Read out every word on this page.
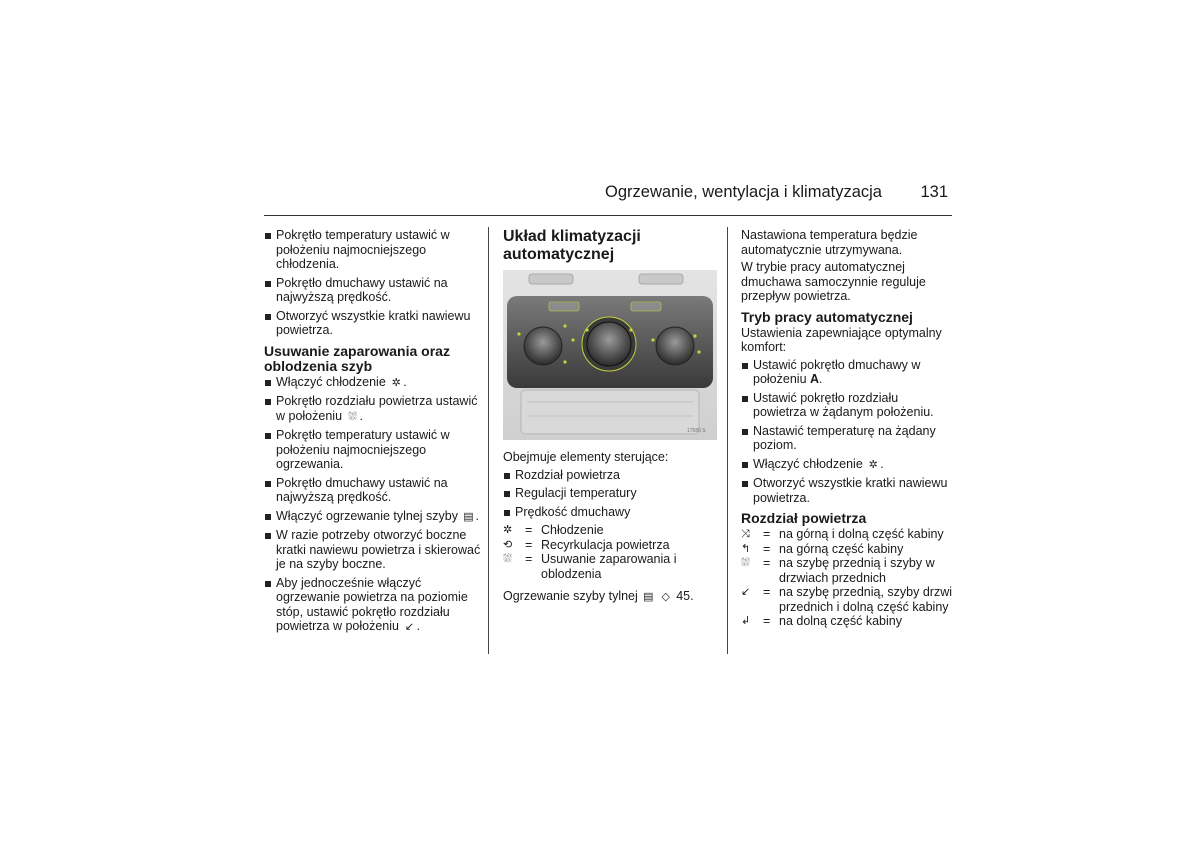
Ogrzewanie, wentylacja i klimatyzacja 131
Pokrętło temperatury ustawić w położeniu najmocniejszego chłodzenia.
Pokrętło dmuchawy ustawić na najwyższą prędkość.
Otworzyć wszystkie kratki nawiewu powietrza.
Usuwanie zaparowania oraz oblodzenia szyb
Włączyć chłodzenie ✲ .
Pokrętło rozdziału powietrza ustawić w położeniu ⛆ .
Pokrętło temperatury ustawić w położeniu najmocniejszego ogrzewania.
Pokrętło dmuchawy ustawić na najwyższą prędkość.
Włączyć ogrzewanie tylnej szyby ▤ .
W razie potrzeby otworzyć boczne kratki nawiewu powietrza i skierować je na szyby boczne.
Aby jednocześnie włączyć ogrzewanie powietrza na poziomie stóp, ustawić pokrętło rozdziału powietrza w położeniu ↙ .
Układ klimatyzacji automatycznej
17580 S

Obejmuje elementy sterujące:

Rozdział powietrza
Regulacji temperatury
Prędkość dmuchawy
✲	= Chłodzenie
⟲	= Recyrkulacja powietrza
⛆	= Usuwanie zaparowania i oblodzenia

Ogrzewanie szyby tylnej ▤ ◇ 45.

Nastawiona temperatura będzie automatycznie utrzymywana.

W trybie pracy automatycznej dmuchawa samoczynnie reguluje przepływ powietrza.

Tryb pracy automatycznej

Ustawienia zapewniające optymalny komfort:

Ustawić pokrętło dmuchawy w położeniu A.
Ustawić pokrętło rozdziału powietrza w żądanym położeniu.
Nastawić temperaturę na żądany poziom.
Włączyć chłodzenie ✲ .
Otworzyć wszystkie kratki nawiewu powietrza.
Rozdział powietrza
⤨	= na górną i dolną część kabiny
↰	= na górną część kabiny
⛆	= na szybę przednią i szyby w drzwiach przednich
↙	= na szybę przednią, szyby drzwi przednich i dolną część kabiny
↲	= na dolną część kabiny
